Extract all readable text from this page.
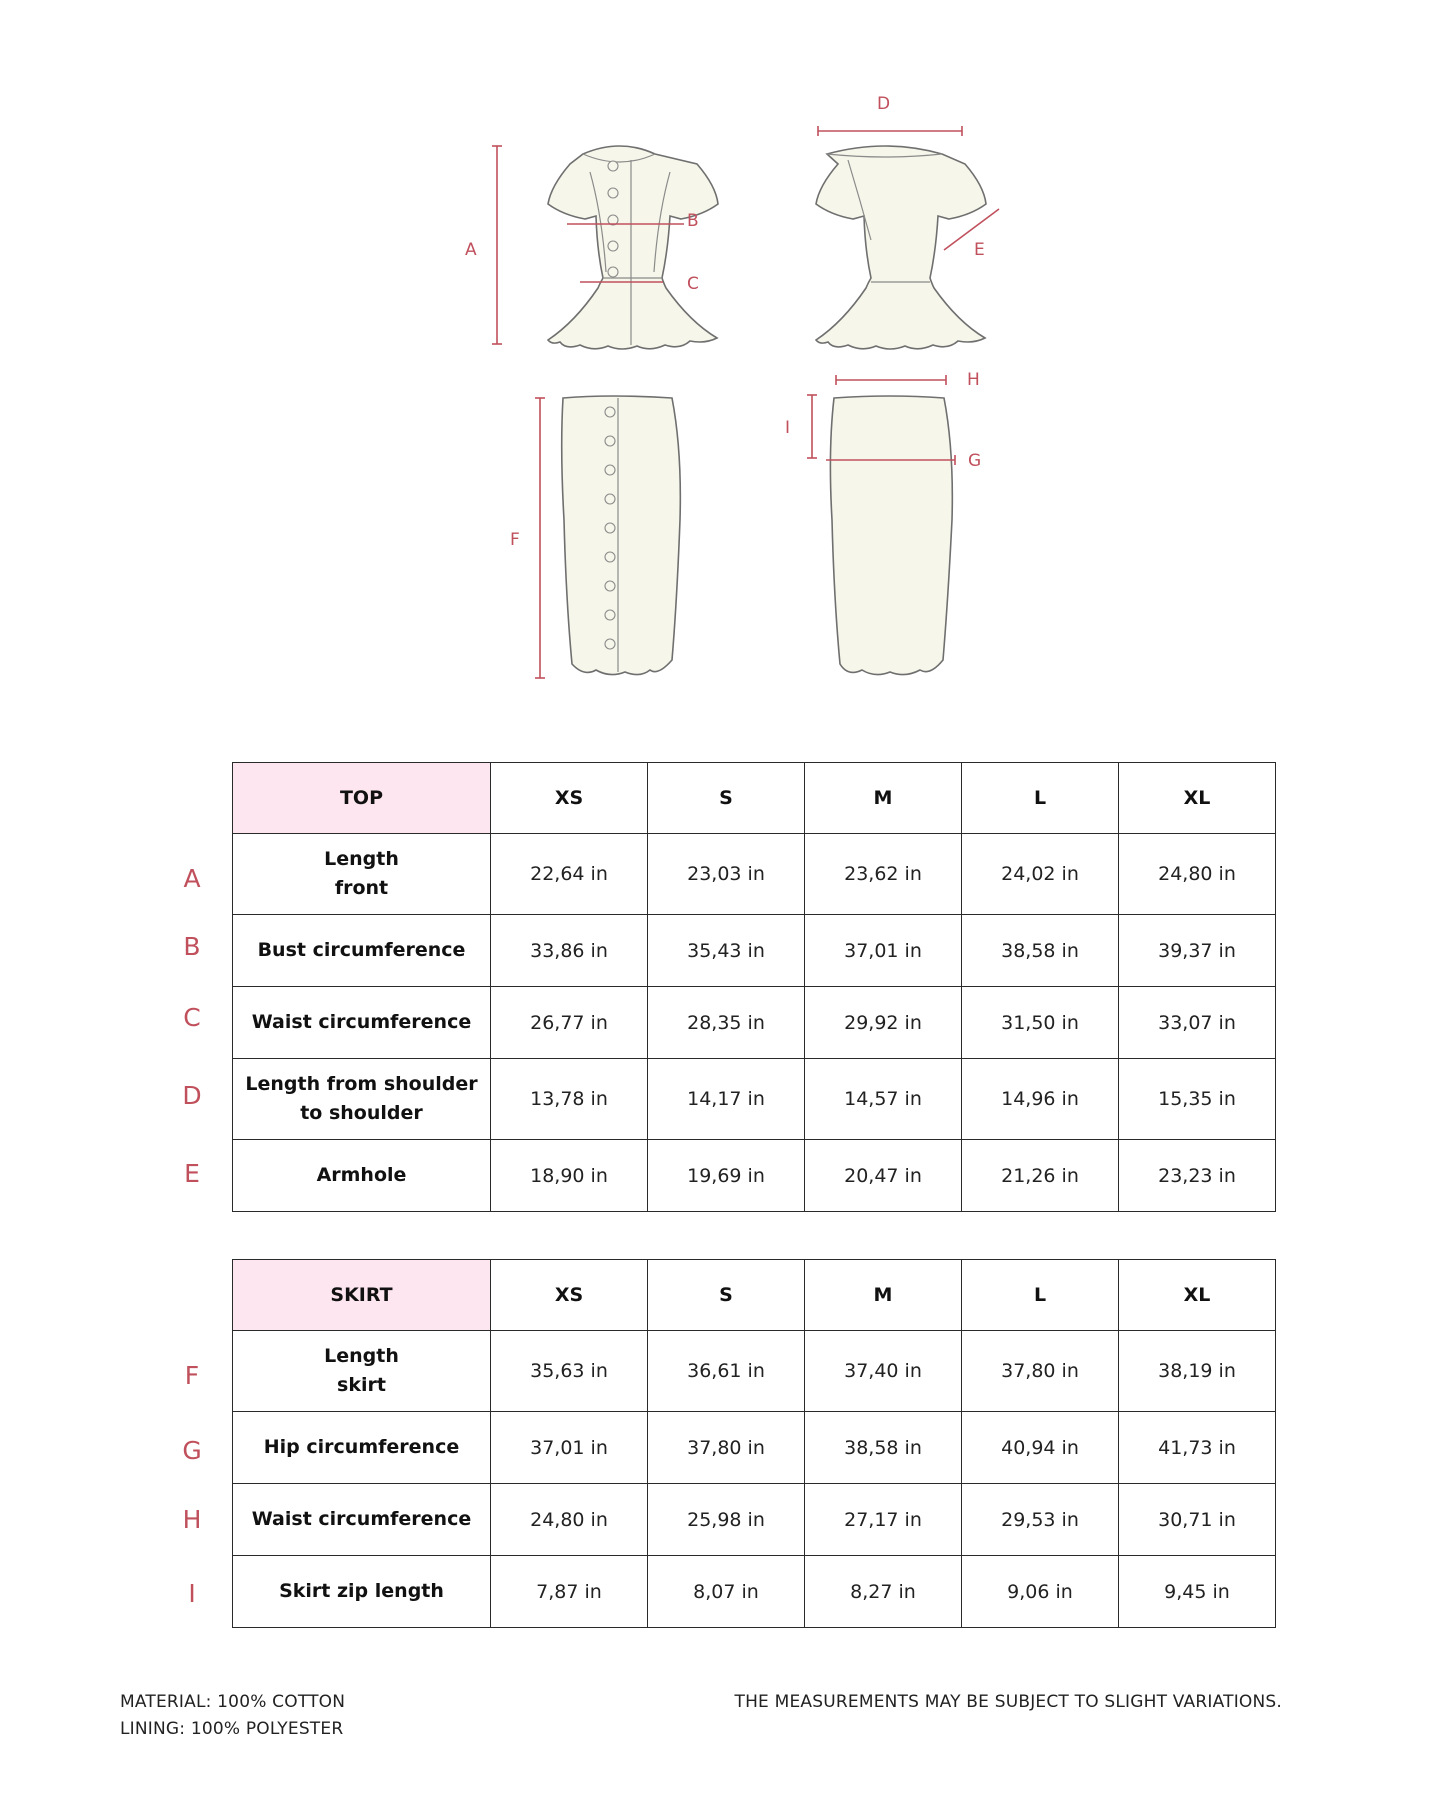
A
B
C
D
E
F
G
H
I
A
B
C
D
E
TOP	XS	S	M	L	XL
Length
front	22,64 in	23,03 in	23,62 in	24,02 in	24,80 in
Bust circumference	33,86 in	35,43 in	37,01 in	38,58 in	39,37 in
Waist circumference	26,77 in	28,35 in	29,92 in	31,50 in	33,07 in
Length from shoulder
to shoulder	13,78 in	14,17 in	14,57 in	14,96 in	15,35 in
Armhole	18,90 in	19,69 in	20,47 in	21,26 in	23,23 in
F
G
H
I
SKIRT	XS	S	M	L	XL
Length
skirt	35,63 in	36,61 in	37,40 in	37,80 in	38,19 in
Hip circumference	37,01 in	37,80 in	38,58 in	40,94 in	41,73 in
Waist circumference	24,80 in	25,98 in	27,17 in	29,53 in	30,71 in
Skirt zip length	7,87 in	8,07 in	8,27 in	9,06 in	9,45 in
MATERIAL: 100% COTTON
LINING: 100% POLYESTER
THE MEASUREMENTS MAY BE SUBJECT TO SLIGHT VARIATIONS.
